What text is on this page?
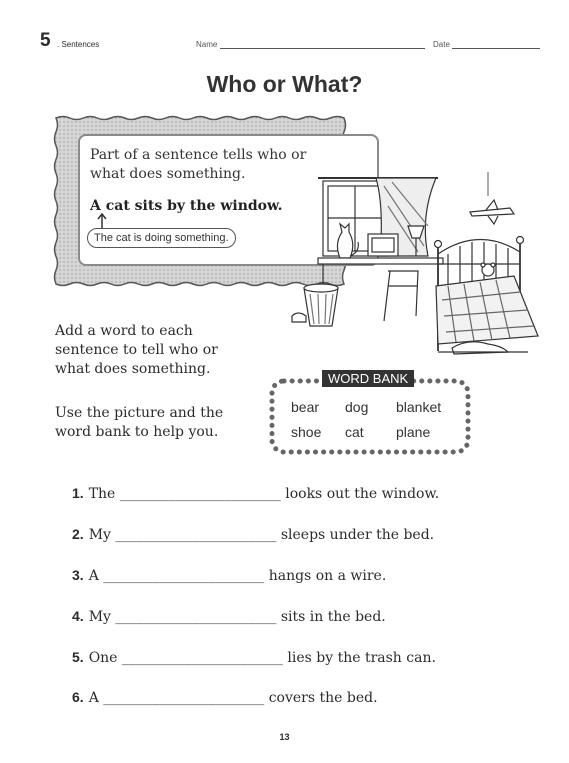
5 . Sentences	Name	Date
Who or What?
Part of a sentence tells who or what does something.
A cat sits by the window.
The cat is doing something.
Add a word to each sentence to tell who or what does something.
Use the picture and the word bank to help you.
WORD BANK
bear dog blanket
shoe cat plane
1. The _______________________ looks out the window.
2. My _______________________ sleeps under the bed.
3. A _______________________ hangs on a wire.
4. My _______________________ sits in the bed.
5. One _______________________ lies by the trash can.
6. A _______________________ covers the bed.
13
